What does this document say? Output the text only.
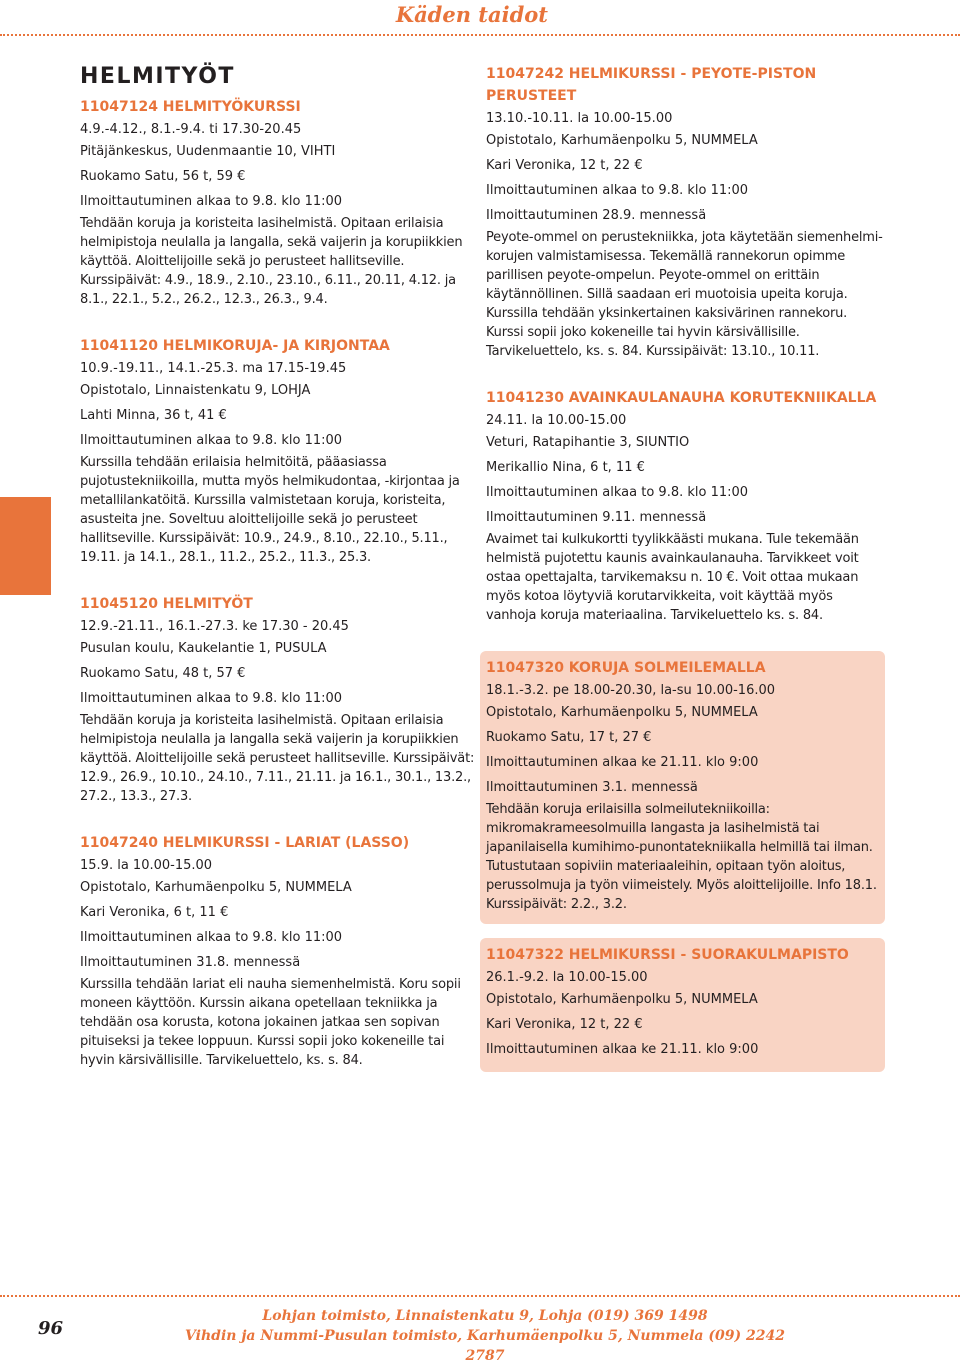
Käden taidot
HELMITYÖT
11047124 HELMITYÖKURSSI
4.9.-4.12., 8.1.-9.4. ti 17.30-20.45
Pitäjänkeskus, Uudenmaantie 10, VIHTI
Ruokamo Satu, 56 t, 59 €
Ilmoittautuminen alkaa to 9.8. klo 11:00
Tehdään koruja ja koristeita lasihelmistä. Opitaan erilaisia helmipistoja neulalla ja langalla, sekä vaijerin ja korupiikkien käyttöä. Aloittelijoille sekä jo perusteet hallitseville. Kurssipäivät: 4.9., 18.9., 2.10., 23.10., 6.11., 20.11, 4.12. ja 8.1., 22.1., 5.2., 26.2., 12.3., 26.3., 9.4.
11041120 HELMIKORUJA- JA KIRJONTAA
10.9.-19.11., 14.1.-25.3. ma 17.15-19.45
Opistotalo, Linnaistenkatu 9, LOHJA
Lahti Minna, 36 t, 41 €
Ilmoittautuminen alkaa to 9.8. klo 11:00
Kurssilla tehdään erilaisia helmitöitä, pääasiassa pujotustekniikoilla, mutta myös helmikudontaa, -kirjontaa ja metallilankatöitä. Kurssilla valmistetaan koruja, koristeita, asusteita jne. Soveltuu aloittelijoille sekä jo perusteet hallitseville. Kurssipäivät: 10.9., 24.9., 8.10., 22.10., 5.11., 19.11. ja 14.1., 28.1., 11.2., 25.2., 11.3., 25.3.
11045120 HELMITYÖT
12.9.-21.11., 16.1.-27.3. ke 17.30 - 20.45
Pusulan koulu, Kaukelantie 1, PUSULA
Ruokamo Satu, 48 t, 57 €
Ilmoittautuminen alkaa to 9.8. klo 11:00
Tehdään koruja ja koristeita lasihelmistä. Opitaan erilaisia helmipistoja neulalla ja langalla sekä vaijerin ja korupiikkien käyttöä. Aloittelijoille sekä perusteet hallitseville. Kurssipäivät: 12.9., 26.9., 10.10., 24.10., 7.11., 21.11. ja 16.1., 30.1., 13.2., 27.2., 13.3., 27.3.
11047240 HELMIKURSSI - LARIAT (LASSO)
15.9. la 10.00-15.00
Opistotalo, Karhumäenpolku 5, NUMMELA
Kari Veronika, 6 t, 11 €
Ilmoittautuminen alkaa to 9.8. klo 11:00
Ilmoittautuminen 31.8. mennessä
Kurssilla tehdään lariat eli nauha siemenhelmistä. Koru sopii moneen käyttöön. Kurssin aikana opetellaan tekniikka ja tehdään osa korusta, kotona jokainen jatkaa sen sopivan pituiseksi ja tekee loppuun. Kurssi sopii joko kokeneille tai hyvin kärsivällisille. Tarvikeluettelo, ks. s. 84.
11047242 HELMIKURSSI - PEYOTE-PISTON PERUSTEET
13.10.-10.11. la 10.00-15.00
Opistotalo, Karhumäenpolku 5, NUMMELA
Kari Veronika, 12 t, 22 €
Ilmoittautuminen alkaa to 9.8. klo 11:00
Ilmoittautuminen 28.9. mennessä
Peyote-ommel on perustekniikka, jota käytetään siemenhelmi-korujen valmistamisessa. Tekemällä rannekorun opimme parillisen peyote-ompelun. Peyote-ommel on erittäin käytännöllinen. Sillä saadaan eri muotoisia upeita koruja. Kurssilla tehdään yksinkertainen kaksivärinen rannekoru. Kurssi sopii joko kokeneille tai hyvin kärsivällisille. Tarvikeluettelo, ks. s. 84. Kurssipäivät: 13.10., 10.11.
11041230 AVAINKAULANAUHA KORUTEKNIIKALLA
24.11. la 10.00-15.00
Veturi, Ratapihantie 3, SIUNTIO
Merikallio Nina, 6 t, 11 €
Ilmoittautuminen alkaa to 9.8. klo 11:00
Ilmoittautuminen 9.11. mennessä
Avaimet tai kulkukortti tyylikkäästi mukana. Tule tekemään helmistä pujotettu kaunis avainkaulanauha. Tarvikkeet voit ostaa opettajalta, tarvikemaksu n. 10 €. Voit ottaa mukaan myös kotoa löytyviä korutarvikkeita, voit käyttää myös vanhoja koruja materiaalina. Tarvikeluettelo ks. s. 84.
11047320 KORUJA SOLMEILEMALLA
18.1.-3.2. pe 18.00-20.30, la-su 10.00-16.00
Opistotalo, Karhumäenpolku 5, NUMMELA
Ruokamo Satu, 17 t, 27 €
Ilmoittautuminen alkaa ke 21.11. klo 9:00
Ilmoittautuminen 3.1. mennessä
Tehdään koruja erilaisilla solmeilutekniikoilla: mikromakrameesolmuilla langasta ja lasihelmistä tai japanilaisella kumihimo-punontatekniikalla helmillä tai ilman. Tutustutaan sopiviin materiaaleihin, opitaan työn aloitus, perussolmuja ja työn viimeistely. Myös aloittelijoille. Info 18.1. Kurssipäivät: 2.2., 3.2.
11047322 HELMIKURSSI - SUORAKULMAPISTO
26.1.-9.2. la 10.00-15.00
Opistotalo, Karhumäenpolku 5, NUMMELA
Kari Veronika, 12 t, 22 €
Ilmoittautuminen alkaa ke 21.11. klo 9:00
96
Lohjan toimisto, Linnaistenkatu 9, Lohja (019) 369 1498
Vihdin ja Nummi-Pusulan toimisto, Karhumäenpolku 5, Nummela (09) 2242 2787
